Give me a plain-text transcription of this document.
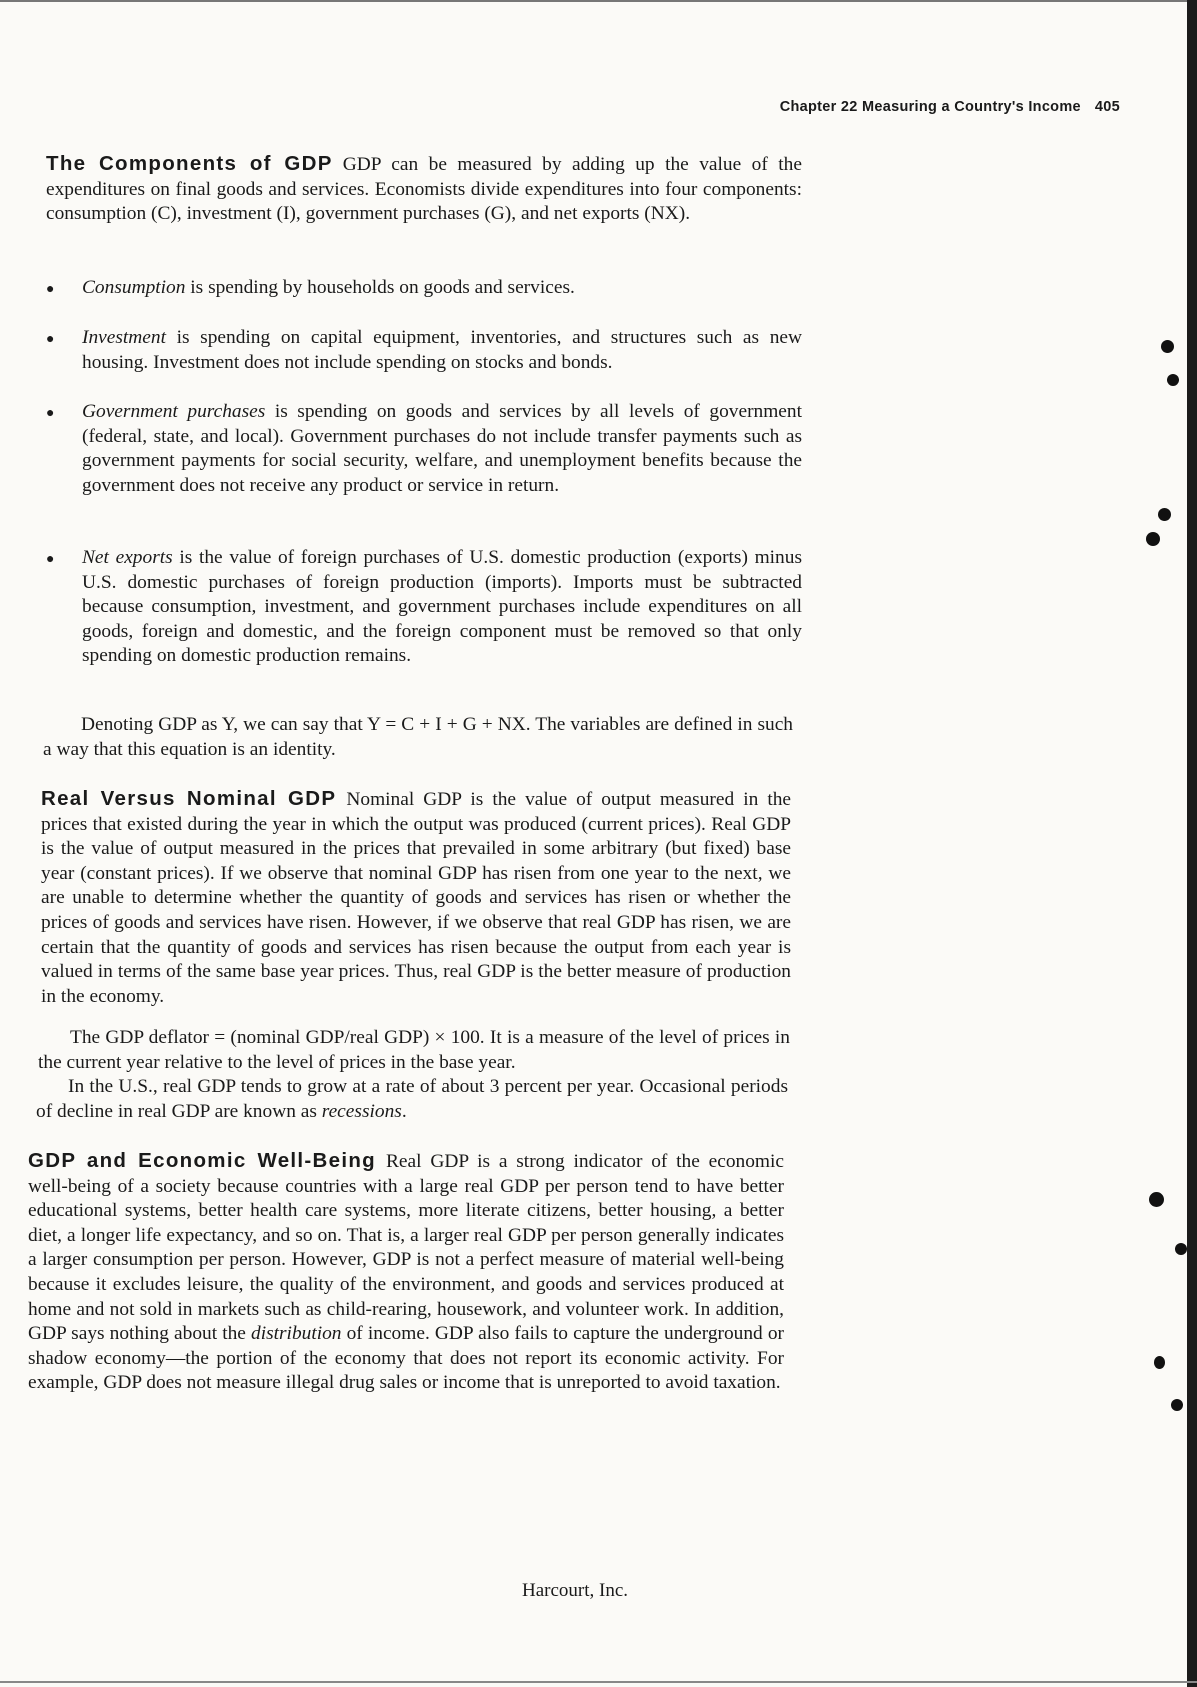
Chapter 22 Measuring a Country's Income 405
The Components of GDP GDP can be measured by adding up the value of the expenditures on final goods and services. Economists divide expenditures into four components: consumption (C), investment (I), government purchases (G), and net exports (NX).
● Consumption is spending by households on goods and services.
● Investment is spending on capital equipment, inventories, and structures such as new housing. Investment does not include spending on stocks and bonds.
● Government purchases is spending on goods and services by all levels of government (federal, state, and local). Government purchases do not include transfer payments such as government payments for social security, welfare, and unemployment benefits because the government does not receive any product or service in return.
● Net exports is the value of foreign purchases of U.S. domestic production (exports) minus U.S. domestic purchases of foreign production (imports). Imports must be subtracted because consumption, investment, and government purchases include expenditures on all goods, foreign and domestic, and the foreign component must be removed so that only spending on domestic production remains.
Denoting GDP as Y, we can say that Y = C + I + G + NX. The variables are defined in such a way that this equation is an identity.
Real Versus Nominal GDP Nominal GDP is the value of output measured in the prices that existed during the year in which the output was produced (current prices). Real GDP is the value of output measured in the prices that prevailed in some arbitrary (but fixed) base year (constant prices). If we observe that nominal GDP has risen from one year to the next, we are unable to determine whether the quantity of goods and services has risen or whether the prices of goods and services have risen. However, if we observe that real GDP has risen, we are certain that the quantity of goods and services has risen because the output from each year is valued in terms of the same base year prices. Thus, real GDP is the better measure of production in the economy.
The GDP deflator = (nominal GDP/real GDP) × 100. It is a measure of the level of prices in the current year relative to the level of prices in the base year.
In the U.S., real GDP tends to grow at a rate of about 3 percent per year. Occasional periods of decline in real GDP are known as recessions.
GDP and Economic Well-Being Real GDP is a strong indicator of the economic well-being of a society because countries with a large real GDP per person tend to have better educational systems, better health care systems, more literate citizens, better housing, a better diet, a longer life expectancy, and so on. That is, a larger real GDP per person generally indicates a larger consumption per person. However, GDP is not a perfect measure of material well-being because it excludes leisure, the quality of the environment, and goods and services produced at home and not sold in markets such as child-rearing, housework, and volunteer work. In addition, GDP says nothing about the distribution of income. GDP also fails to capture the underground or shadow economy—the portion of the economy that does not report its economic activity. For example, GDP does not measure illegal drug sales or income that is unreported to avoid taxation.
Harcourt, Inc.
